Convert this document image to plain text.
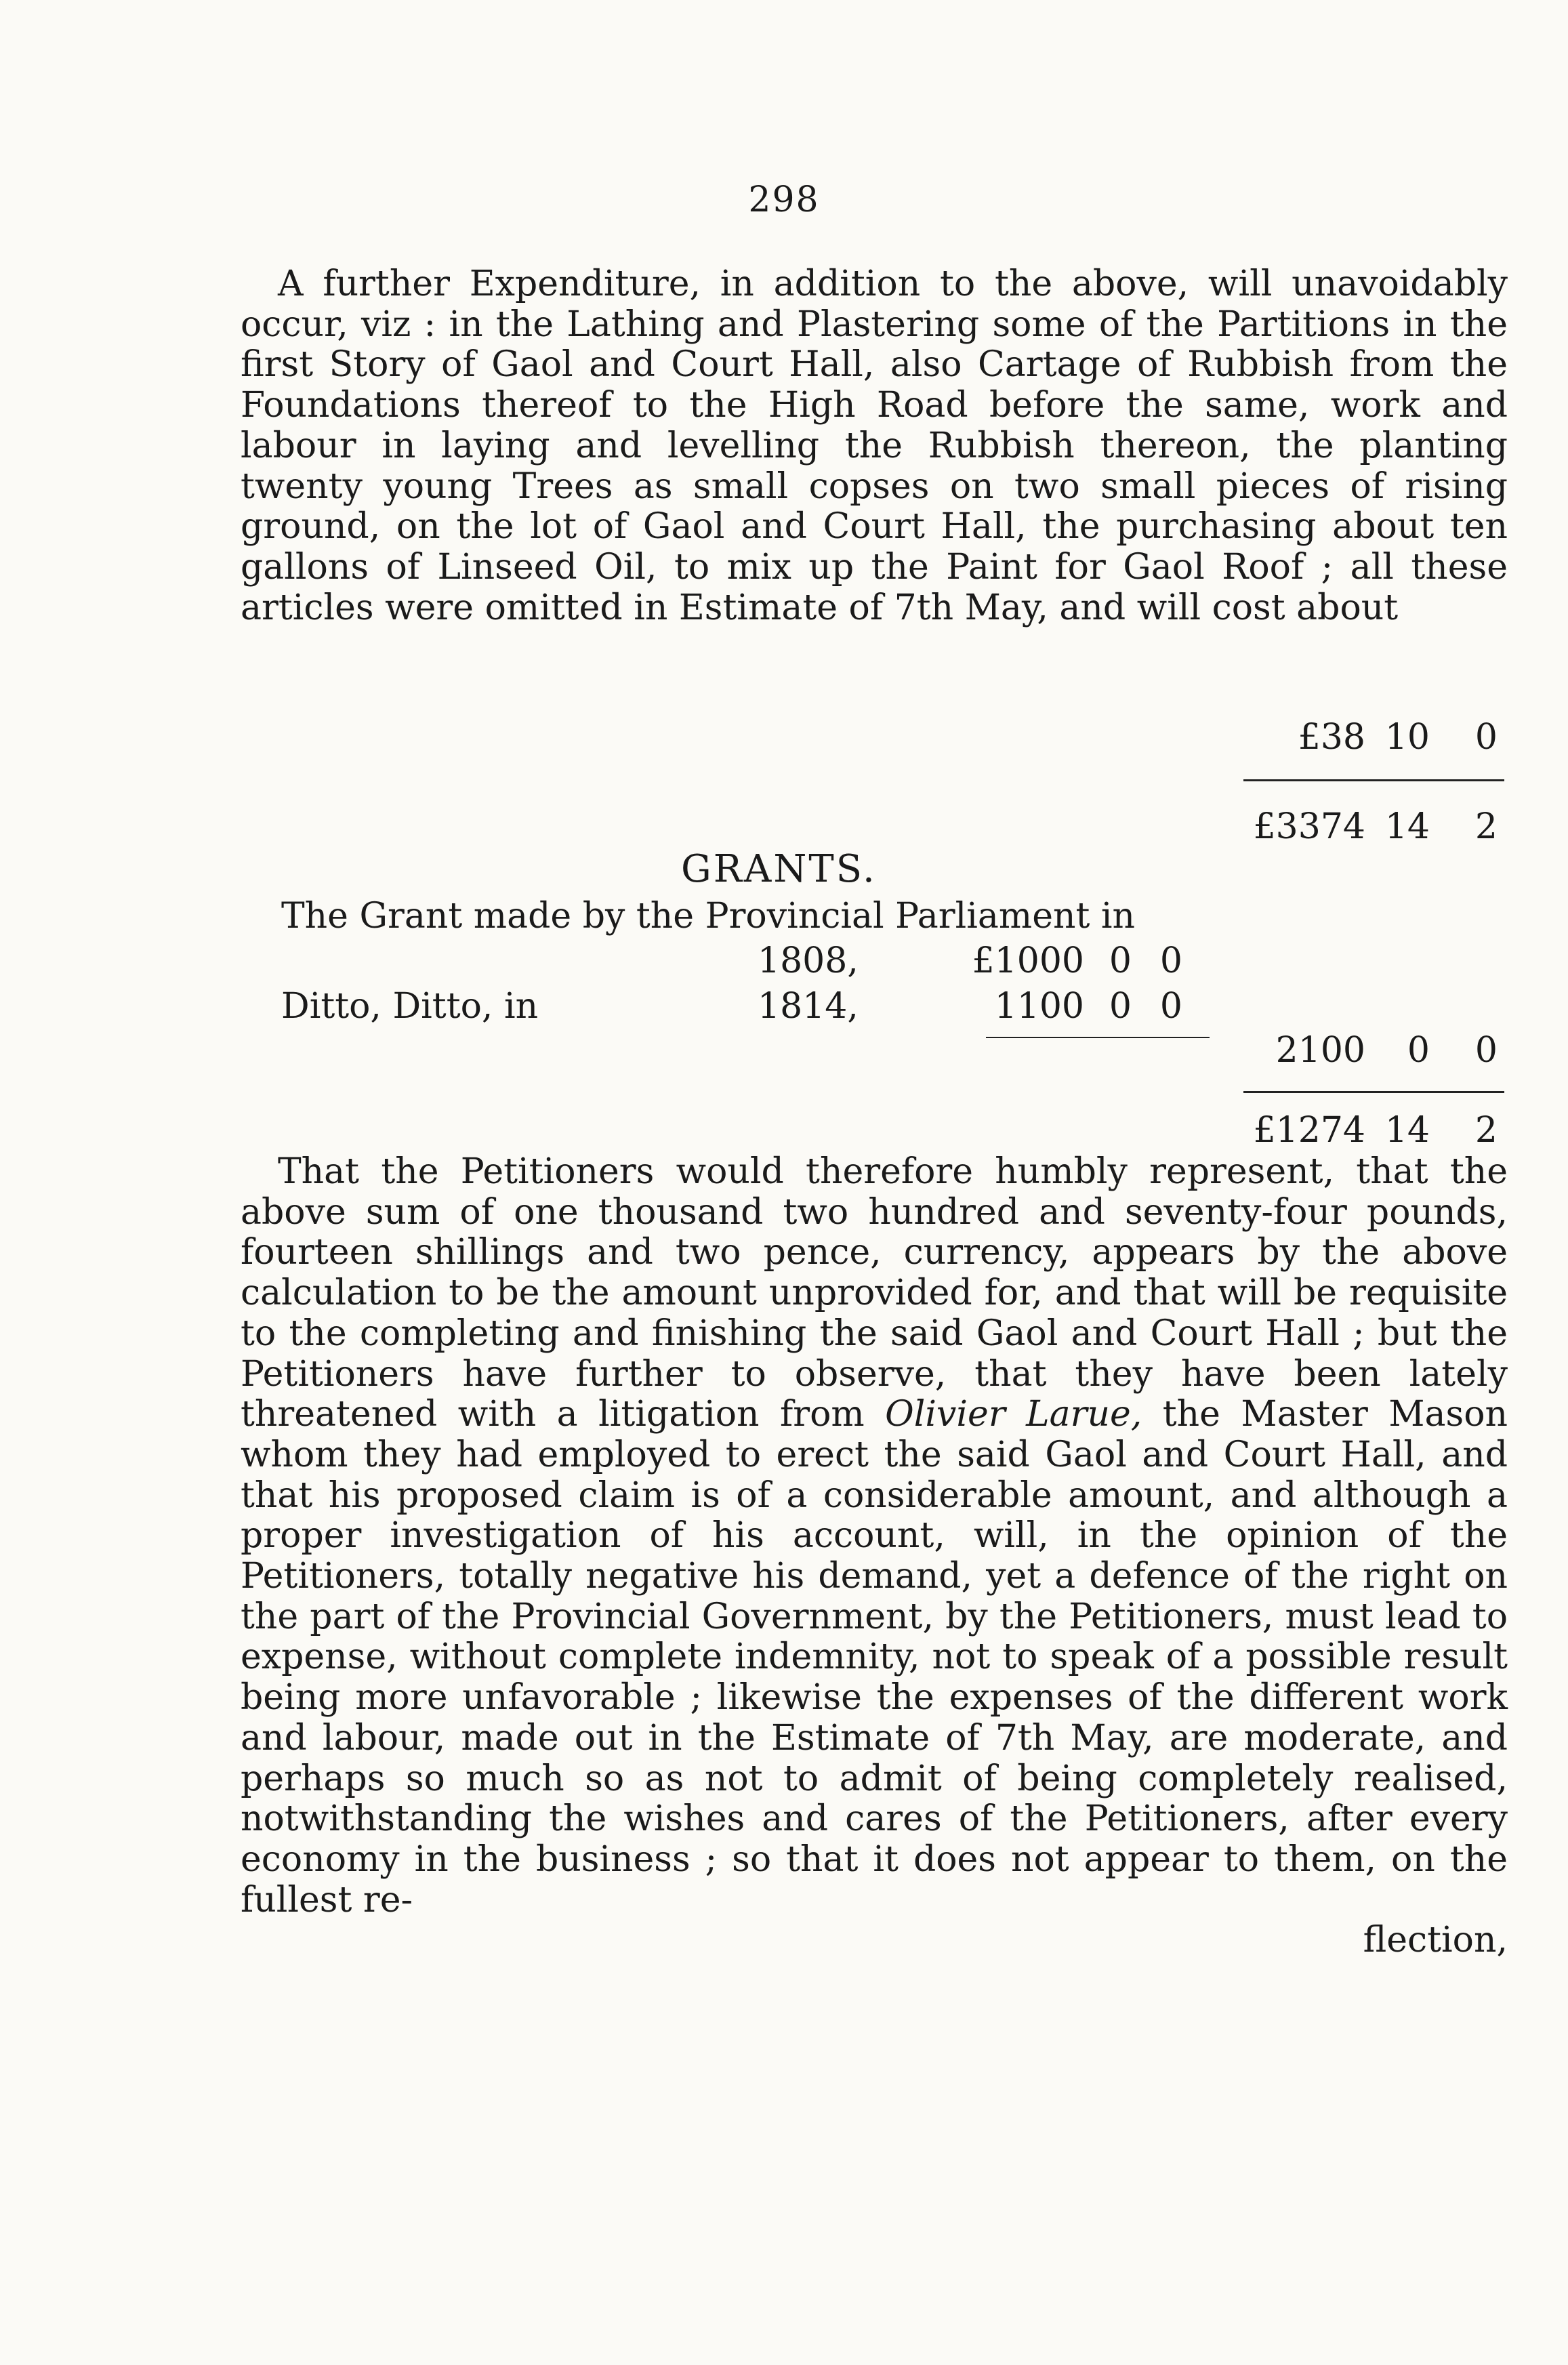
298

A further Expenditure, in addition to the above, will unavoidably occur, viz : in the Lathing and Plastering some of the Partitions in the first Story of Gaol and Court Hall, also Cartage of Rubbish from the Foundations thereof to the High Road before the same, work and labour in laying and levelling the Rubbish thereon, the planting twenty young Trees as small copses on two small pieces of rising ground, on the lot of Gaol and Court Hall, the purchasing about ten gallons of Linseed Oil, to mix up the Paint for Gaol Roof ; all these articles were omitted in Estimate of 7th May, and will cost about

£38 10	0
£3374 14	2
GRANTS.
The Grant made by the Provincial Parliament in
1808,	£1000 0 0
Ditto, Ditto, in	1814,	1100 0 0
2100	0	0
£1274 14	2

That the Petitioners would therefore humbly represent, that the above sum of one thousand two hundred and seventy-four pounds, fourteen shillings and two pence, currency, appears by the above calculation to be the amount unprovided for, and that will be requisite to the completing and finishing the said Gaol and Court Hall ; but the Petitioners have further to observe, that they have been lately threatened with a litigation from Olivier Larue, the Master Mason whom they had employed to erect the said Gaol and Court Hall, and that his proposed claim is of a considerable amount, and although a proper investigation of his account, will, in the opinion of the Petitioners, totally negative his demand, yet a defence of the right on the part of the Provincial Government, by the Petitioners, must lead to expense, without complete indemnity, not to speak of a possible result being more unfavorable ; likewise the expenses of the different work and labour, made out in the Estimate of 7th May, are moderate, and perhaps so much so as not to admit of being completely realised, notwithstanding the wishes and cares of the Petitioners, after every economy in the business ; so that it does not appear to them, on the fullest re-
flection,
